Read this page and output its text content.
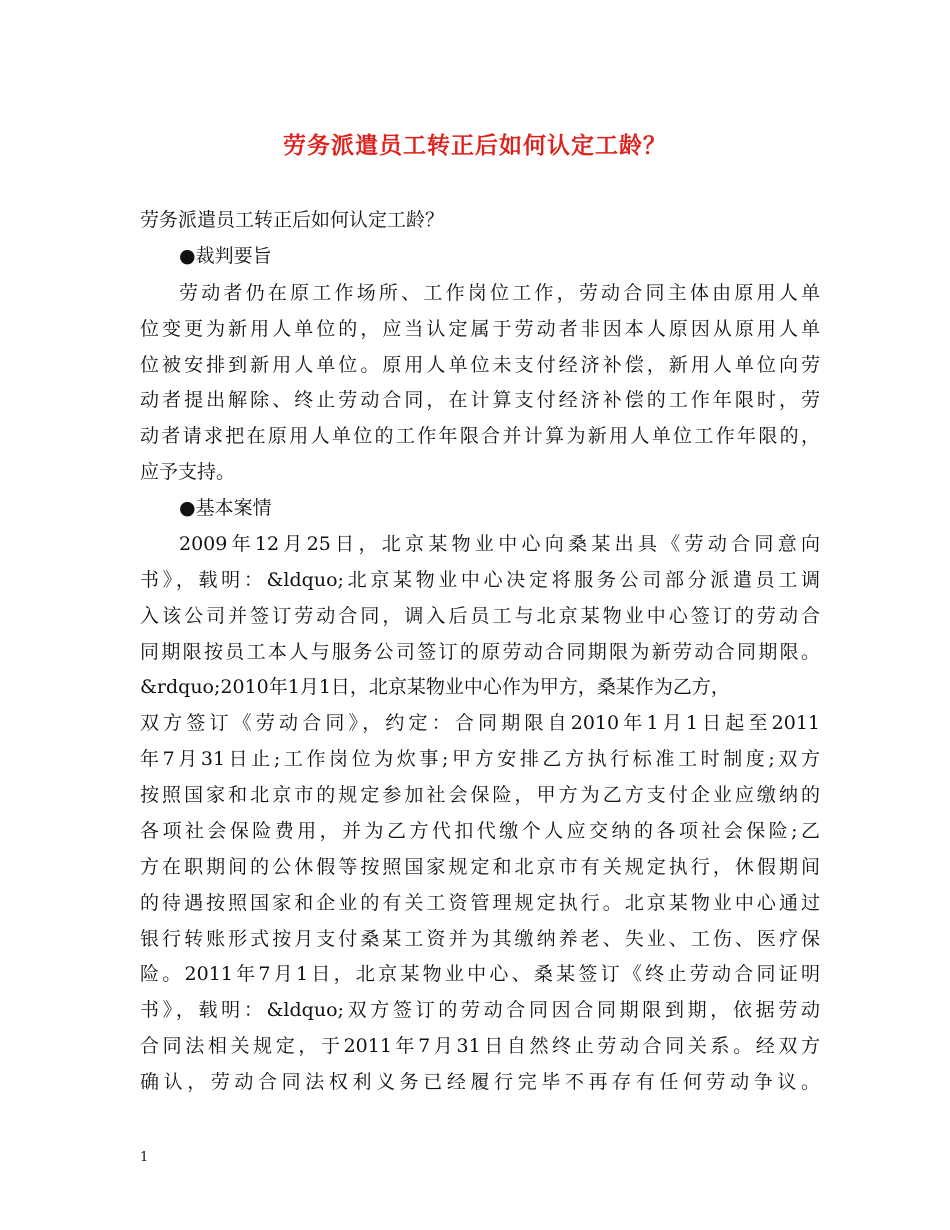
劳务派遣员工转正后如何认定工龄？
劳务派遣员工转正后如何认定工龄？
●裁判要旨
劳动者仍在原工作场所、工作岗位工作，劳动合同主体由原用人单
位变更为新用人单位的，应当认定属于劳动者非因本人原因从原用人单
位被安排到新用人单位。原用人单位未支付经济补偿，新用人单位向劳
动者提出解除、终止劳动合同，在计算支付经济补偿的工作年限时，劳
动者请求把在原用人单位的工作年限合并计算为新用人单位工作年限的，
应予支持。
●基本案情
2009年12月25日，北京某物业中心向桑某出具《劳动合同意向
书》，载明：&ldquo;北京某物业中心决定将服务公司部分派遣员工调
入该公司并签订劳动合同，调入后员工与北京某物业中心签订的劳动合
同期限按员工本人与服务公司签订的原劳动合同期限为新劳动合同期限。
&rdquo;2010年1月1日，北京某物业中心作为甲方，桑某作为乙方，
双方签订《劳动合同》，约定：合同期限自2010年1月1日起至2011
年7月31日止;工作岗位为炊事;甲方安排乙方执行标准工时制度;双方
按照国家和北京市的规定参加社会保险，甲方为乙方支付企业应缴纳的
各项社会保险费用，并为乙方代扣代缴个人应交纳的各项社会保险;乙
方在职期间的公休假等按照国家规定和北京市有关规定执行，休假期间
的待遇按照国家和企业的有关工资管理规定执行。北京某物业中心通过
银行转账形式按月支付桑某工资并为其缴纳养老、失业、工伤、医疗保
险。2011年7月1日，北京某物业中心、桑某签订《终止劳动合同证明
书》，载明：&ldquo;双方签订的劳动合同因合同期限到期，依据劳动
合同法相关规定，于2011年7月31日自然终止劳动合同关系。经双方
确认，劳动合同法权利义务已经履行完毕不再存有任何劳动争议。
1
